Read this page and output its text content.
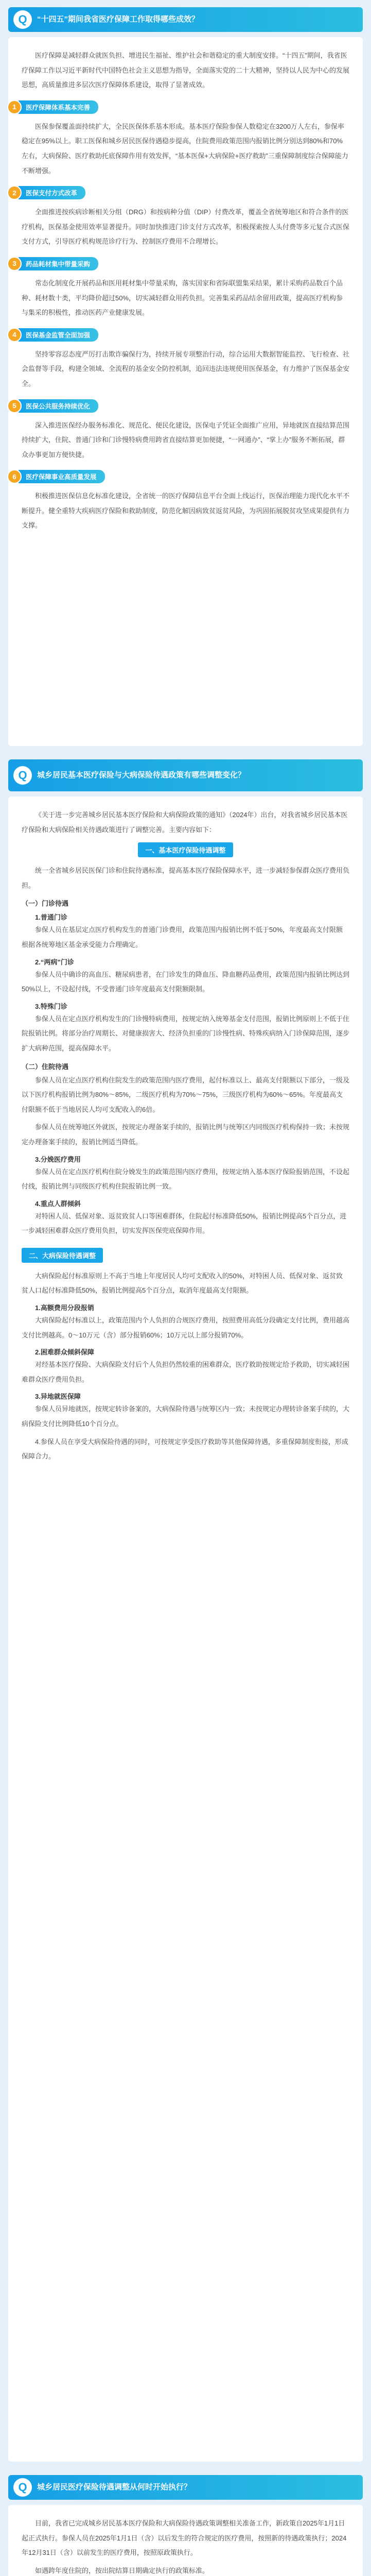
Q	“十四五”期间我省医疗保障工作取得哪些成效？

医疗保障是减轻群众就医负担、增进民生福祉、维护社会和谐稳定的重大制度安排。“十四五”期间，我省医疗保障工作以习近平新时代中国特色社会主义思想为指导，全面落实党的二十大精神，坚持以人民为中心的发展思想，高质量推进多层次医疗保障体系建设，取得了显著成效。

1	医疗保障体系基本完善

医保参保覆盖面持续扩大，全民医保体系基本形成。基本医疗保险参保人数稳定在3200万人左右，参保率稳定在95%以上。职工医保和城乡居民医保待遇稳步提高，住院费用政策范围内报销比例分别达到80%和70%左右，大病保险、医疗救助托底保障作用有效发挥，“基本医保+大病保险+医疗救助”三重保障制度综合保障能力不断增强。

2	医保支付方式改革

全面推进按疾病诊断相关分组（DRG）和按病种分值（DIP）付费改革，覆盖全省统筹地区和符合条件的医疗机构，医保基金使用效率显著提升。同时加快推进门诊支付方式改革，积极探索按人头付费等多元复合式医保支付方式，引导医疗机构规范诊疗行为、控制医疗费用不合理增长。

3	药品耗材集中带量采购

常态化制度化开展药品和医用耗材集中带量采购，落实国家和省际联盟集采结果，累计采购药品数百个品种、耗材数十类，平均降价超过50%，切实减轻群众用药负担。完善集采药品结余留用政策，提高医疗机构参与集采的积极性，推动医药产业健康发展。

4	医保基金监管全面加强

坚持零容忍态度严厉打击欺诈骗保行为，持续开展专项整治行动，综合运用大数据智能监控、飞行检查、社会监督等手段，构建全领域、全流程的基金安全防控机制，追回违法违规使用医保基金，有力维护了医保基金安全。

5	医保公共服务持续优化

深入推进医保经办服务标准化、规范化、便民化建设，医保电子凭证全面推广应用，异地就医直接结算范围持续扩大，住院、普通门诊和门诊慢特病费用跨省直接结算更加便捷，“一网通办”、“掌上办”服务不断拓展，群众办事更加方便快捷。

6	医疗保障事业高质量发展

积极推进医保信息化标准化建设，全省统一的医疗保障信息平台全面上线运行，医保治理能力现代化水平不断提升。健全重特大疾病医疗保险和救助制度，防范化解因病致贫返贫风险，为巩固拓展脱贫攻坚成果提供有力支撑。

Q	城乡居民基本医疗保险与大病保险待遇政策有哪些调整变化？

《关于进一步完善城乡居民基本医疗保险和大病保险政策的通知》（2024年）出台，对我省城乡居民基本医疗保险和大病保险相关待遇政策进行了调整完善。主要内容如下：

一、基本医疗保险待遇调整

统一全省城乡居民医保门诊和住院待遇标准，提高基本医疗保险保障水平，进一步减轻参保群众医疗费用负担。

（一）门诊待遇
1.普通门诊

参保人员在基层定点医疗机构发生的普通门诊费用，政策范围内报销比例不低于50%，年度最高支付限额根据各统筹地区基金承受能力合理确定。

2.“两病”门诊

参保人员中确诊的高血压、糖尿病患者，在门诊发生的降血压、降血糖药品费用，政策范围内报销比例达到50%以上，不设起付线，不受普通门诊年度最高支付限额限制。

3.特殊门诊

参保人员在定点医疗机构发生的门诊慢特病费用，按规定纳入统筹基金支付范围，报销比例原则上不低于住院报销比例。将部分治疗周期长、对健康损害大、经济负担重的门诊慢性病、特殊疾病纳入门诊保障范围，逐步扩大病种范围，提高保障水平。

（二）住院待遇

参保人员在定点医疗机构住院发生的政策范围内医疗费用，起付标准以上、最高支付限额以下部分，一级及以下医疗机构报销比例为80%～85%，二级医疗机构为70%～75%，三级医疗机构为60%～65%。年度最高支付限额不低于当地居民人均可支配收入的6倍。

参保人员在统筹地区外就医，按规定办理备案手续的，报销比例与统筹区内同级医疗机构保持一致；未按规定办理备案手续的，报销比例适当降低。

3.分娩医疗费用

参保人员在定点医疗机构住院分娩发生的政策范围内医疗费用，按规定纳入基本医疗保险报销范围，不设起付线，报销比例与同级医疗机构住院报销比例一致。

4.重点人群倾斜

对特困人员、低保对象、返贫致贫人口等困难群体，住院起付标准降低50%，报销比例提高5个百分点，进一步减轻困难群众医疗费用负担，切实发挥医保兜底保障作用。

二、大病保险待遇调整

大病保险起付标准原则上不高于当地上年度居民人均可支配收入的50%，对特困人员、低保对象、返贫致贫人口起付标准降低50%，报销比例提高5个百分点，取消年度最高支付限额。

1.高额费用分段报销

大病保险起付标准以上，政策范围内个人负担的合规医疗费用，按照费用高低分段确定支付比例，费用越高支付比例越高。0～10万元（含）部分报销60%；10万元以上部分报销70%。

2.困难群众倾斜保障

对经基本医疗保险、大病保险支付后个人负担仍然较重的困难群众，医疗救助按规定给予救助，切实减轻困难群众医疗费用负担。

3.异地就医保障

参保人员异地就医，按规定转诊备案的，大病保险待遇与统筹区内一致；未按规定办理转诊备案手续的，大病保险支付比例降低10个百分点。

4.参保人员在享受大病保险待遇的同时，可按规定享受医疗救助等其他保障待遇，多重保障制度衔接，形成保障合力。

Q	城乡居民医疗保险待遇调整从何时开始执行？

目前，我省已完成城乡居民基本医疗保险和大病保险待遇政策调整相关准备工作，新政策自2025年1月1日起正式执行。参保人员在2025年1月1日（含）以后发生的符合规定的医疗费用，按照新的待遇政策执行；2024年12月31日（含）以前发生的医疗费用，按照原政策执行。

如遇跨年度住院的，按出院结算日期确定执行的政策标准。
